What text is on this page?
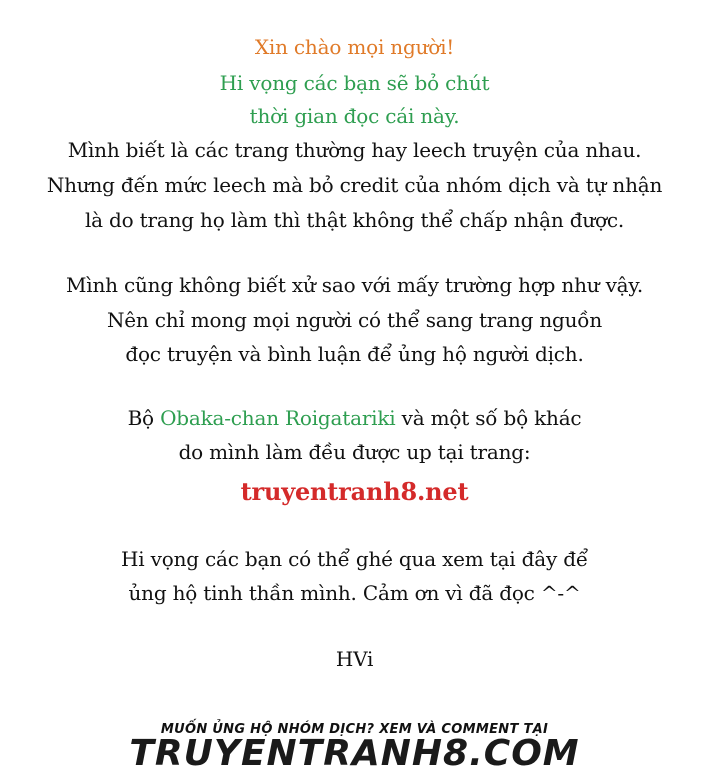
Xin chào mọi người!
Hi vọng các bạn sẽ bỏ chút
thời gian đọc cái này.
Mình biết là các trang thường hay leech truyện của nhau.
Nhưng đến mức leech mà bỏ credit của nhóm dịch và tự nhận
là do trang họ làm thì thật không thể chấp nhận được.
Mình cũng không biết xử sao với mấy trường hợp như vậy.
Nên chỉ mong mọi người có thể sang trang nguồn
đọc truyện và bình luận để ủng hộ người dịch.
Bộ Obaka-chan Roigatariki và một số bộ khác
do mình làm đều được up tại trang:
truyentranh8.net
Hi vọng các bạn có thể ghé qua xem tại đây để
ủng hộ tinh thần mình. Cảm ơn vì đã đọc ^-^
HVi
MUỐN ỦNG HỘ NHÓM DỊCH? XEM VÀ COMMENT TẠI
TRUYENTRANH8.COM
